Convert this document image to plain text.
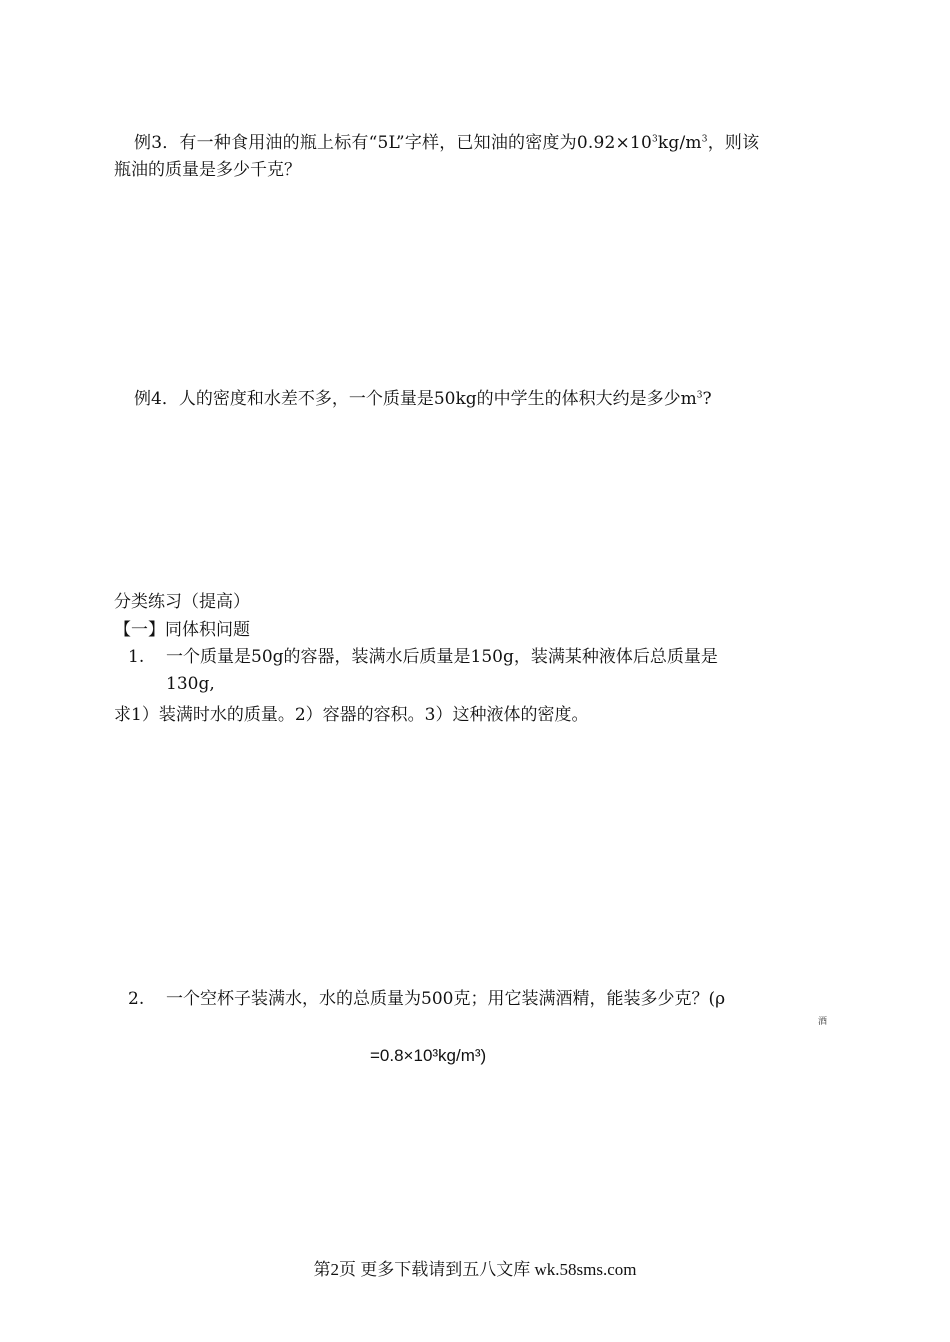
例3．有一种食用油的瓶上标有“5L”字样，已知油的密度为$0.92\times 10^3kg/m^3$，则该
瓶油的质量是多少千克？
例4．人的密度和水差不多，一个质量是50kg的中学生的体积大约是多少$m^3$?
分类练习（提高）
【一】同体积问题
1. 一个质量是50g的容器，装满水后质量是150g，装满某种液体后总质量是
130g,
求1）装满时水的质量。2）容器的容积。3）这种液体的密度。
2. 一个空杯子装满水，水的总质量为500克；用它装满酒精，能装多少克？(ρ
酒
=0.8×10³kg/m³)
第2页 更多下载请到五八文库 wk.58sms.com
